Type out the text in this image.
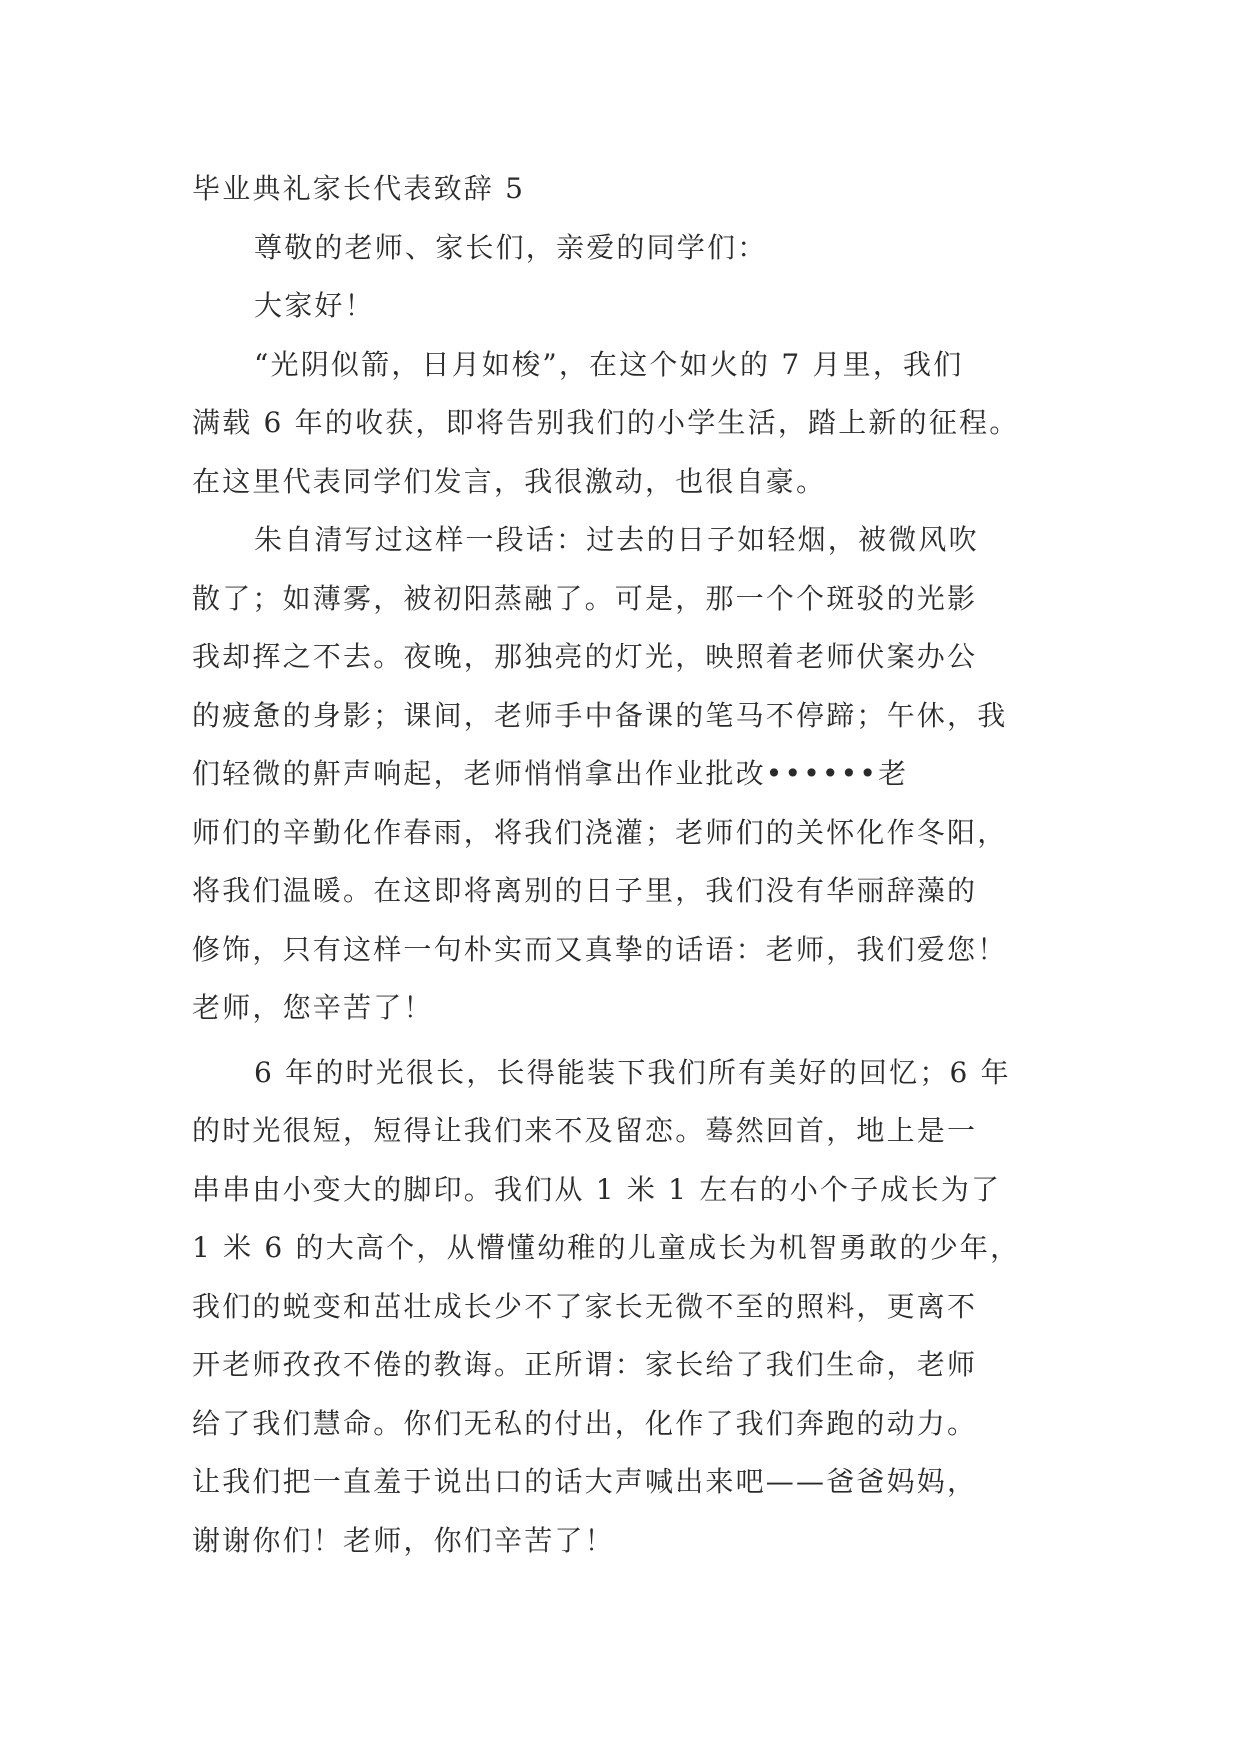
毕业典礼家长代表致辞 5

尊敬的老师、家长们，亲爱的同学们：

大家好！

“光阴似箭，日月如梭”，在这个如火的 7 月里，我们

满载 6 年的收获，即将告别我们的小学生活，踏上新的征程。

在这里代表同学们发言，我很激动，也很自豪。

朱自清写过这样一段话：过去的日子如轻烟，被微风吹

散了；如薄雾，被初阳蒸融了。可是，那一个个斑驳的光影

我却挥之不去。夜晚，那独亮的灯光，映照着老师伏案办公

的疲惫的身影；课间，老师手中备课的笔马不停蹄；午休，我

们轻微的鼾声响起，老师悄悄拿出作业批改••••••老

师们的辛勤化作春雨，将我们浇灌；老师们的关怀化作冬阳，

将我们温暖。在这即将离别的日子里，我们没有华丽辞藻的

修饰，只有这样一句朴实而又真挚的话语：老师，我们爱您！

老师，您辛苦了！

6 年的时光很长，长得能装下我们所有美好的回忆；6 年

的时光很短，短得让我们来不及留恋。蓦然回首，地上是一

串串由小变大的脚印。我们从 1 米 1 左右的小个子成长为了

1 米 6 的大高个，从懵懂幼稚的儿童成长为机智勇敢的少年，

我们的蜕变和茁壮成长少不了家长无微不至的照料，更离不

开老师孜孜不倦的教诲。正所谓：家长给了我们生命，老师

给了我们慧命。你们无私的付出，化作了我们奔跑的动力。

让我们把一直羞于说出口的话大声喊出来吧——爸爸妈妈，

谢谢你们！老师，你们辛苦了！
